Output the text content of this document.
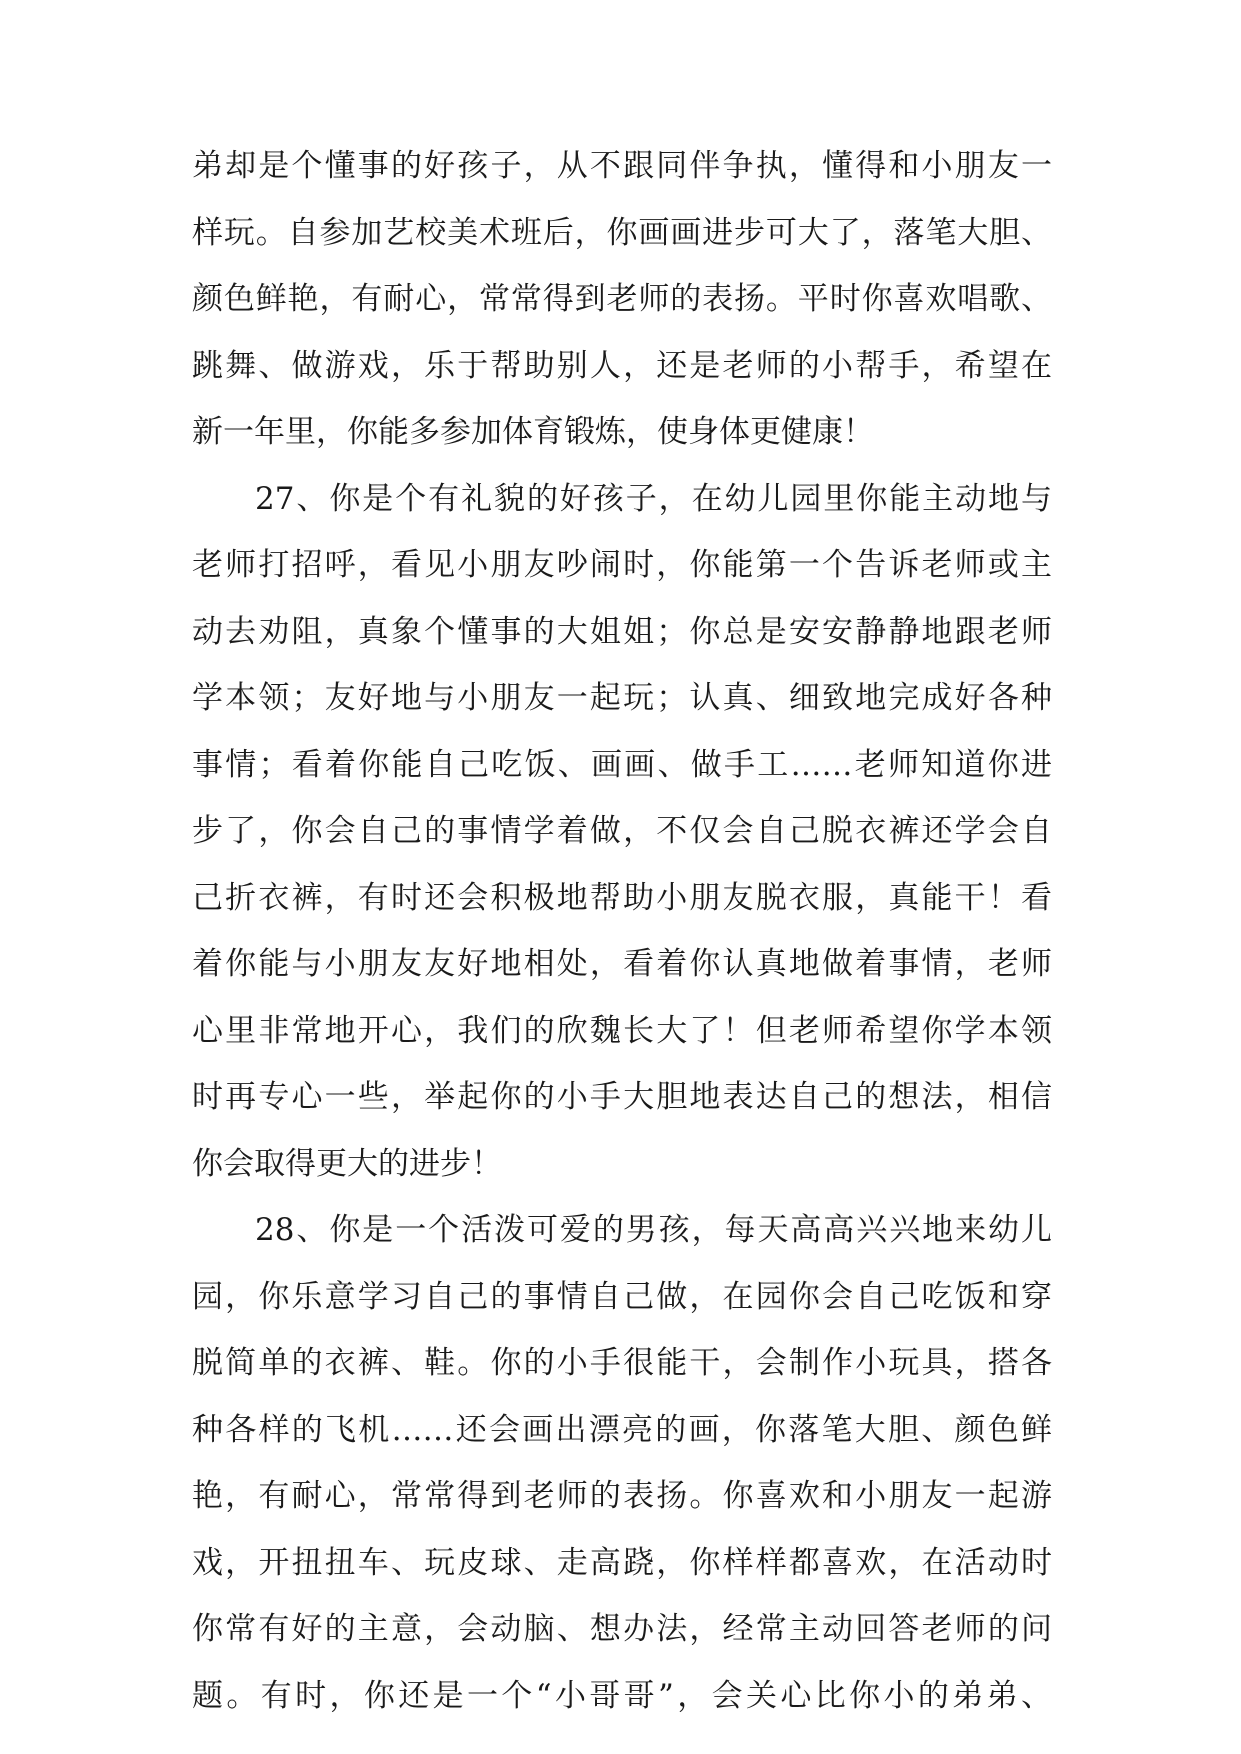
弟却是个懂事的好孩子，从不跟同伴争执，懂得和小朋友一
样玩。自参加艺校美术班后，你画画进步可大了，落笔大胆、
颜色鲜艳，有耐心，常常得到老师的表扬。平时你喜欢唱歌、
跳舞、做游戏，乐于帮助别人，还是老师的小帮手，希望在
新一年里，你能多参加体育锻炼，使身体更健康！
27、你是个有礼貌的好孩子，在幼儿园里你能主动地与
老师打招呼，看见小朋友吵闹时，你能第一个告诉老师或主
动去劝阻，真象个懂事的大姐姐；你总是安安静静地跟老师
学本领；友好地与小朋友一起玩；认真、细致地完成好各种
事情；看着你能自己吃饭、画画、做手工……老师知道你进
步了，你会自己的事情学着做，不仅会自己脱衣裤还学会自
己折衣裤，有时还会积极地帮助小朋友脱衣服，真能干！看
着你能与小朋友友好地相处，看着你认真地做着事情，老师
心里非常地开心，我们的欣魏长大了！但老师希望你学本领
时再专心一些，举起你的小手大胆地表达自己的想法，相信
你会取得更大的进步！
28、你是一个活泼可爱的男孩，每天高高兴兴地来幼儿
园，你乐意学习自己的事情自己做，在园你会自己吃饭和穿
脱简单的衣裤、鞋。你的小手很能干，会制作小玩具，搭各
种各样的飞机……还会画出漂亮的画，你落笔大胆、颜色鲜
艳，有耐心，常常得到老师的表扬。你喜欢和小朋友一起游
戏，开扭扭车、玩皮球、走高跷，你样样都喜欢，在活动时
你常有好的主意，会动脑、想办法，经常主动回答老师的问
题。有时，你还是一个“小哥哥”，会关心比你小的弟弟、
